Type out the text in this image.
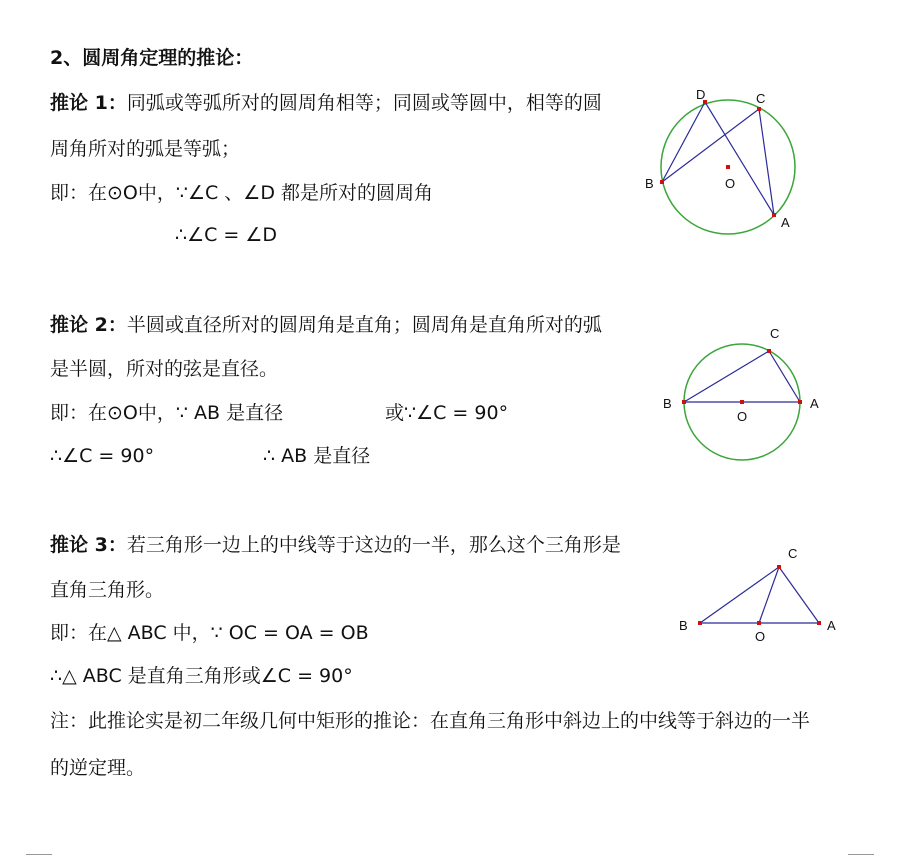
2、圆周角定理的推论：
推论 1：同弧或等弧所对的圆周角相等；同圆或等圆中，相等的圆
周角所对的弧是等弧；
即：在⊙O中，∵∠C 、∠D 都是所对的圆周角
∴∠C = ∠D
D	C
B	O
A
推论 2：半圆或直径所对的圆周角是直角；圆周角是直角所对的弧
是半圆，所对的弦是直径。
即：在⊙O中，∵ AB 是直径	或∵∠C = 90°
∴∠C = 90°	∴ AB 是直径
C
B
O
A
推论 3：若三角形一边上的中线等于这边的一半，那么这个三角形是
直角三角形。
即：在△ ABC 中，∵ OC = OA = OB
∴△ ABC 是直角三角形或∠C = 90°
C
B
O
A
注：此推论实是初二年级几何中矩形的推论：在直角三角形中斜边上的中线等于斜边的一半
的逆定理。
